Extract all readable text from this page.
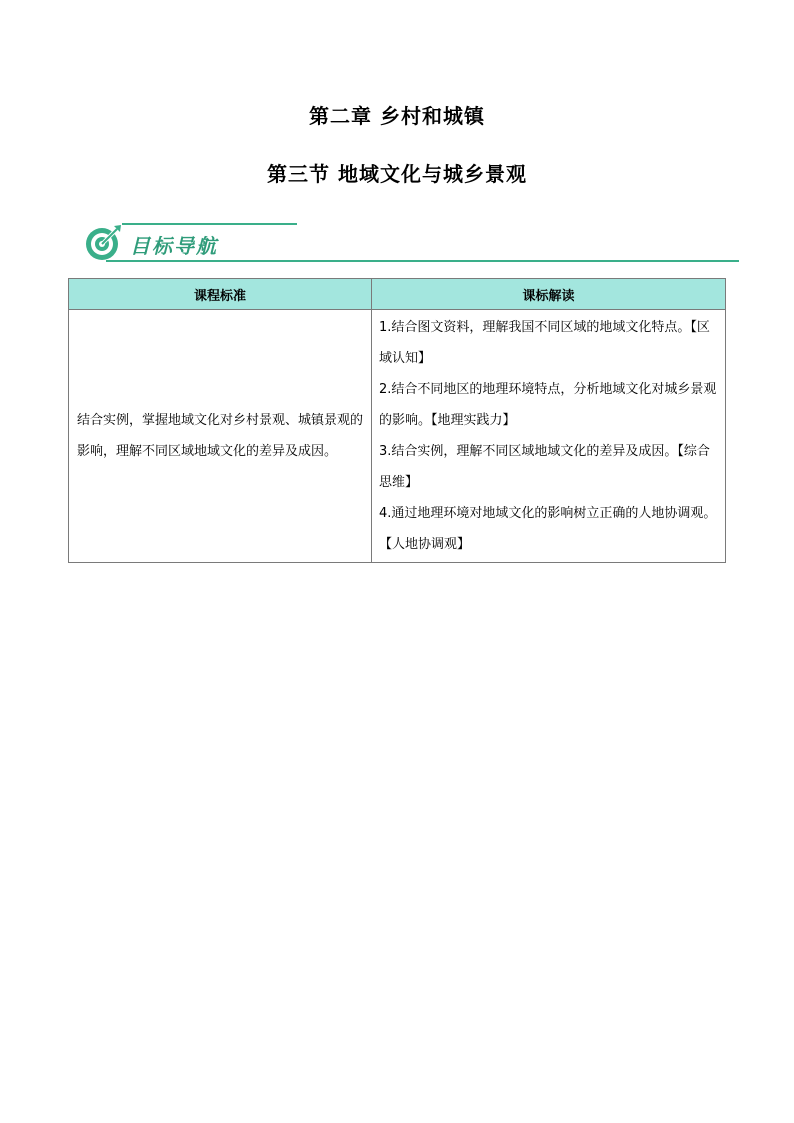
第二章 乡村和城镇
第三节 地域文化与城乡景观
目标导航
课程标准	课标解读
结合实例，掌握地域文化对乡村景观、城镇景观的影响，理解不同区域地域文化的差异及成因。	1.结合图文资料，理解我国不同区域的地域文化特点。【区域认知】

2.结合不同地区的地理环境特点，分析地域文化对城乡景观的影响。【地理实践力】

3.结合实例，理解不同区域地域文化的差异及成因。【综合思维】

4.通过地理环境对地域文化的影响树立正确的人地协调观。【人地协调观】
